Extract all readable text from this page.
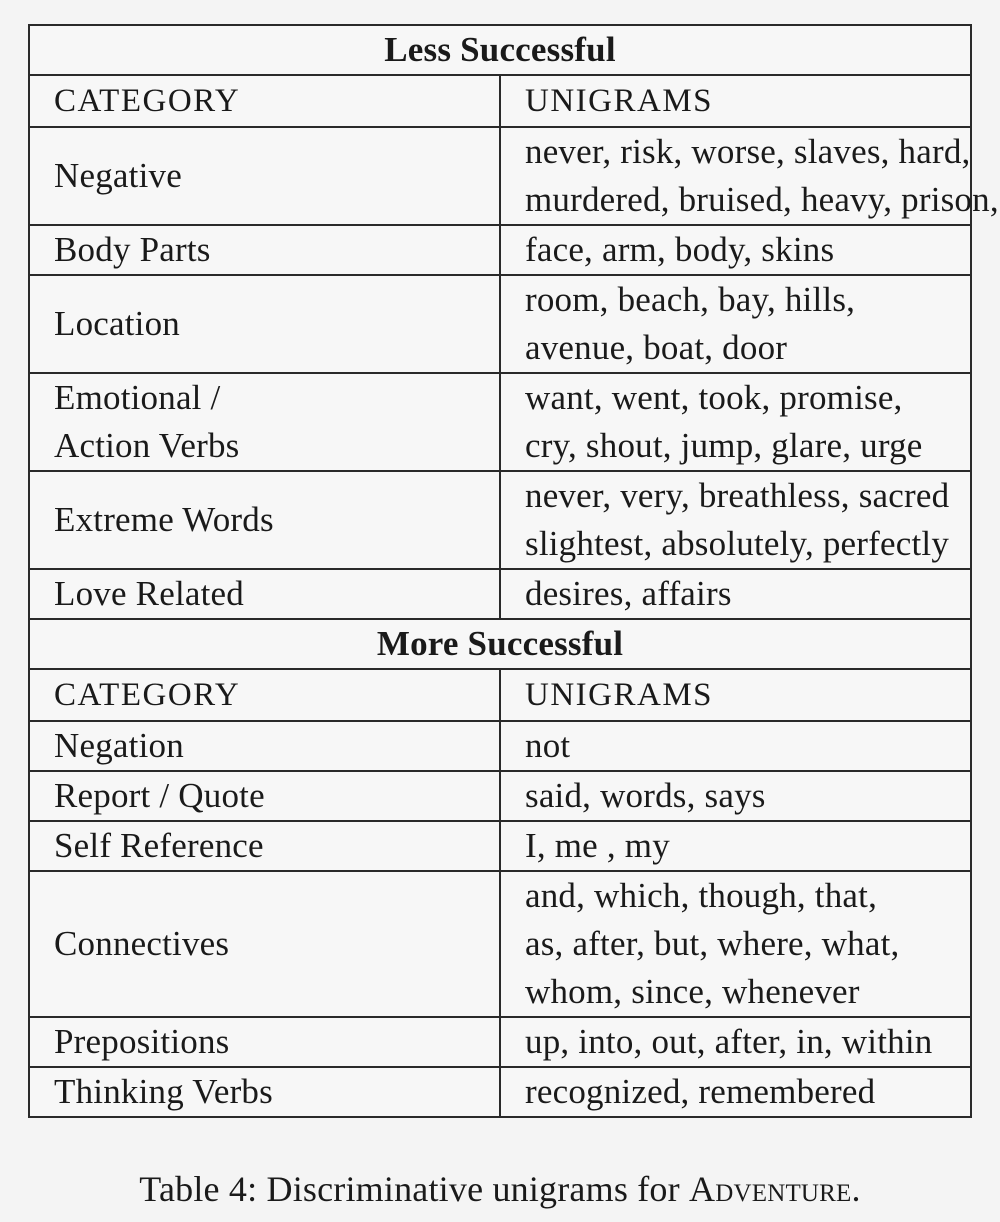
Less Successful	
CATEGORY	UNIGRAMS

Negative	never, risk, worse, slaves, hard,
murdered, bruised, heavy, prison,

Body Parts	face, arm, body, skins

Location	room, beach, bay, hills,
avenue, boat, door

Emotional /
Action Verbs	want, went, took, promise,
cry, shout, jump, glare, urge

Extreme Words	never, very, breathless, sacred
slightest, absolutely, perfectly

Love Related	desires, affairs

More Successful	
CATEGORY	UNIGRAMS

Negation	not

Report / Quote	said, words, says

Self Reference	I, me , my

Connectives	and, which, though, that,
as, after, but, where, what,
whom, since, whenever

Prepositions	up, into, out, after, in, within

Thinking Verbs	recognized, remembered
Table 4: Discriminative unigrams for Adventure.
